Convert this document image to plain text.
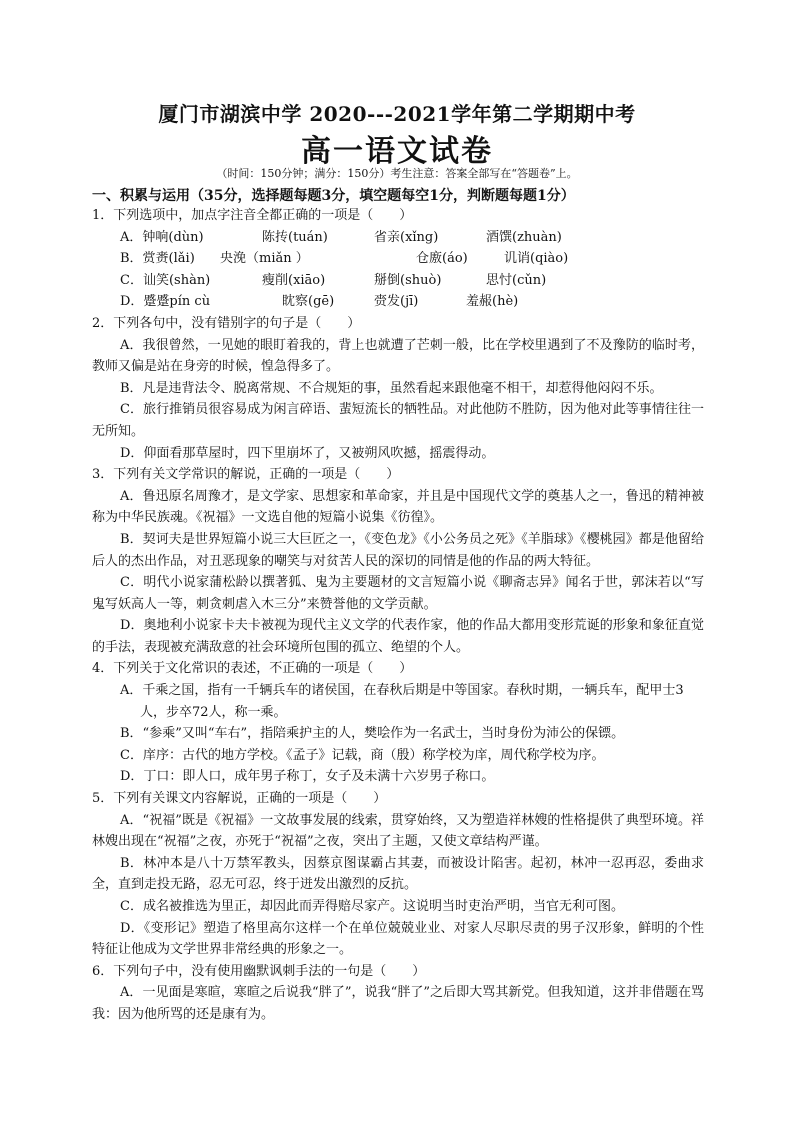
厦门市湖滨中学 2020---2021学年第二学期期中考
高一语文试卷
（时间：150分钟；满分：150分）考生注意：答案全部写在“答题卷”上。
一、积累与运用（35分，选择题每题3分，填空题每空1分，判断题每题1分）

1．下列选项中，加点字注音全都正确的一项是（　　）

A．钟响(dùn)	陈抟(tuán)	省亲(xǐng)	酒馔(zhuàn)
B．赏赉(lǎi)	央浼（miǎn ）	仓廒(áo)	讥诮(qiào)
C．讪笑(shàn)	瘦削(xiāo)	掰倒(shuò)	思忖(cǔn)
D．蹙蹙pín cù	眈察(gē)	赍发(jī)	羞赧(hè)

2．下列各句中，没有错别字的句子是（　　）

A．我很曾然，一见她的眼盯着我的，背上也就遭了芒刺一般，比在学校里遇到了不及豫防的临时考，教师又偏是站在身旁的时候，惶急得多了。

B．凡是违背法令、脱离常规、不合规矩的事，虽然看起来跟他毫不相干，却惹得他闷闷不乐。

C．旅行推销员很容易成为闲言碎语、蜚短流长的牺牲品。对此他防不胜防，因为他对此等事情往往一无所知。

D．仰面看那草屋时，四下里崩坏了，又被朔风吹撼，摇震得动。

3．下列有关文学常识的解说，正确的一项是（　　）

A．鲁迅原名周豫才，是文学家、思想家和革命家，并且是中国现代文学的奠基人之一，鲁迅的精神被称为中华民族魂。《祝福》一文选自他的短篇小说集《彷徨》。

B．契诃夫是世界短篇小说三大巨匠之一，《变色龙》《小公务员之死》《羊脂球》《樱桃园》都是他留给后人的杰出作品，对丑恶现象的嘲笑与对贫苦人民的深切的同情是他的作品的两大特征。

C．明代小说家蒲松龄以撰著狐、鬼为主要题材的文言短篇小说《聊斋志异》闻名于世，郭沫若以“写鬼写妖高人一等，刺贪刺虐入木三分”来赞誉他的文学贡献。

D．奥地利小说家卡夫卡被视为现代主义文学的代表作家，他的作品大都用变形荒诞的形象和象征直觉的手法，表现被充满敌意的社会环境所包围的孤立、绝望的个人。

4．下列关于文化常识的表述，不正确的一项是（　　）

A．千乘之国，指有一千辆兵车的诸侯国，在春秋后期是中等国家。春秋时期，一辆兵车，配甲士3人，步卒72人，称一乘。

B．“参乘”又叫“车右”，指陪乘护主的人，樊哙作为一名武士，当时身份为沛公的保镖。

C．庠序：古代的地方学校。《孟子》记载，商（殷）称学校为庠，周代称学校为序。

D．丁口：即人口，成年男子称丁，女子及未满十六岁男子称口。

5．下列有关课文内容解说，正确的一项是（　　）

A．“祝福”既是《祝福》一文故事发展的线索，贯穿始终，又为塑造祥林嫂的性格提供了典型环境。祥林嫂出现在“祝福”之夜，亦死于“祝福”之夜，突出了主题，又使文章结构严谨。

B．林冲本是八十万禁军教头，因蔡京图谋霸占其妻，而被设计陷害。起初，林冲一忍再忍，委曲求全，直到走投无路，忍无可忍，终于迸发出激烈的反抗。

C．成名被推选为里正，却因此而弄得赔尽家产。这说明当时吏治严明，当官无利可图。

D．《变形记》塑造了格里高尔这样一个在单位兢兢业业、对家人尽职尽责的男子汉形象，鲜明的个性特征让他成为文学世界非常经典的形象之一。

6．下列句子中，没有使用幽默讽刺手法的一句是（　　）

A．一见面是寒暄，寒暄之后说我“胖了”，说我“胖了”之后即大骂其新党。但我知道，这并非借题在骂我：因为他所骂的还是康有为。
